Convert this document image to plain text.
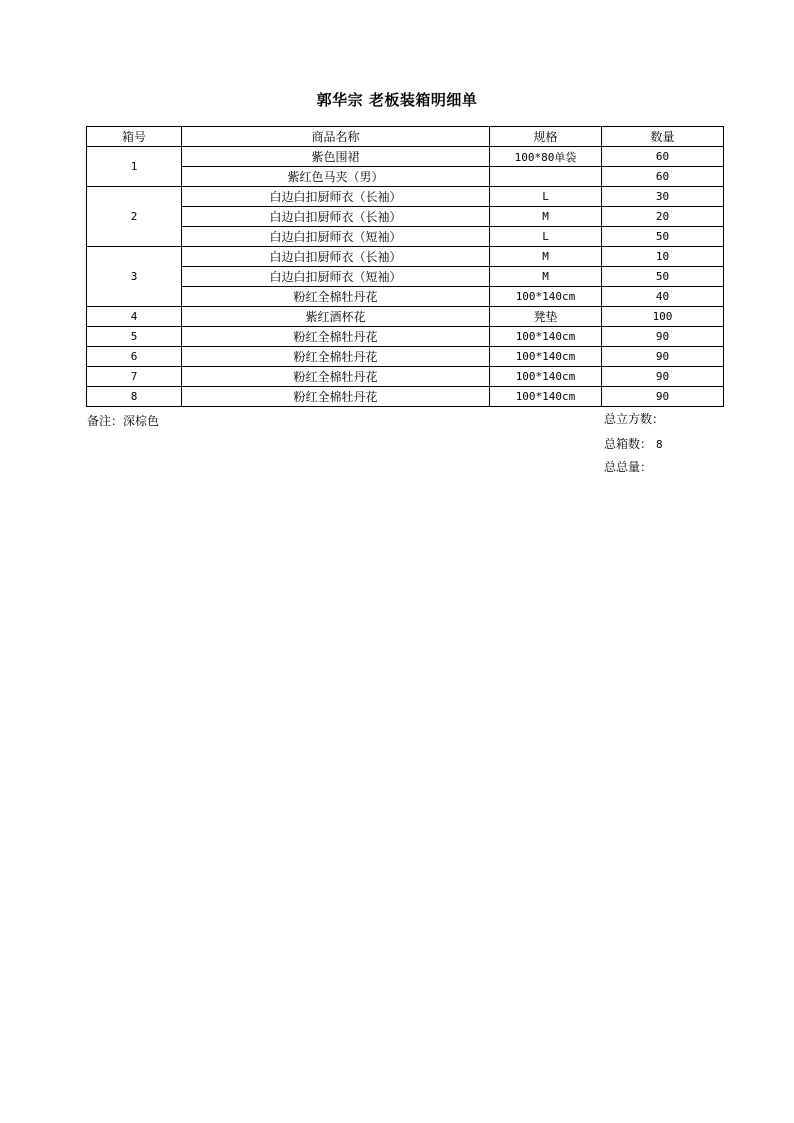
郭华宗 老板装箱明细单
箱号	商品名称	规格	数量
1	紫色围裙	100*80单袋	60
	紫红色马夹（男）		60
2	白边白扣厨师衣（长袖）	L	30
	白边白扣厨师衣（长袖）	M	20
	白边白扣厨师衣（短袖）	L	50
3	白边白扣厨师衣（长袖）	M	10
	白边白扣厨师衣（短袖）	M	50
	粉红全棉牡丹花	100*140cm	40
4	紫红酒杯花	凳垫	100
5	粉红全棉牡丹花	100*140cm	90
6	粉红全棉牡丹花	100*140cm	90
7	粉红全棉牡丹花	100*140cm	90
8	粉红全棉牡丹花	100*140cm	90
备注：深棕色	总立方数：
总箱数： 8
总总量：
